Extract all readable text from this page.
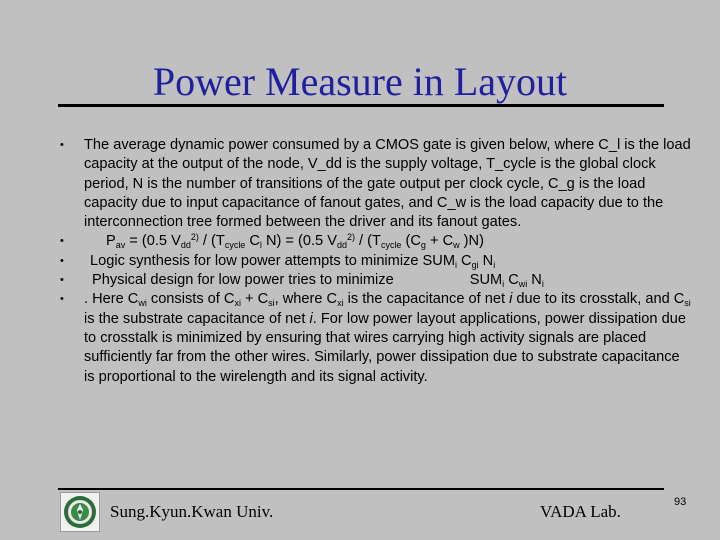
Power Measure in Layout
•	The average dynamic power consumed by a CMOS gate is given below, where C_l is the load capacity at the output of the node, V_dd is the supply voltage, T_cycle is the global clock period, N is the number of transitions of the gate output per clock cycle, C_g is the load capacity due to input capacitance of fanout gates, and C_w is the load capacity due to the interconnection tree formed between the driver and its fanout gates.
•	$P_{av} = (0.5$ $V_{dd}^{2)} / (T_{cycle}$ $C_l$ N) = (0.5 $V_{dd}^{2)} / (T_{cycle}$ ($C_g + C_w$ )N)
•	Logic synthesis for low power attempts to minimize $SUM_i$ $C_{gi}$ $N_i$
•	Physical design for low power tries to minimize	$SUM_i$ $C_{wi}$ $N_i$
•	. Here $C_{wi}$ consists of $C_{xi} + C_{si}$, where $C_{xi}$ is the capacitance of net i due to its crosstalk, and $C_{si}$ is the substrate capacitance of net i. For low power layout applications, power dissipation due to crosstalk is minimized by ensuring that wires carrying high activity signals are placed sufficiently far from the other wires. Similarly, power dissipation due to substrate capacitance is proportional to the wirelength and its signal activity.
Sung.Kyun.Kwan Univ.	VADA Lab.	93
